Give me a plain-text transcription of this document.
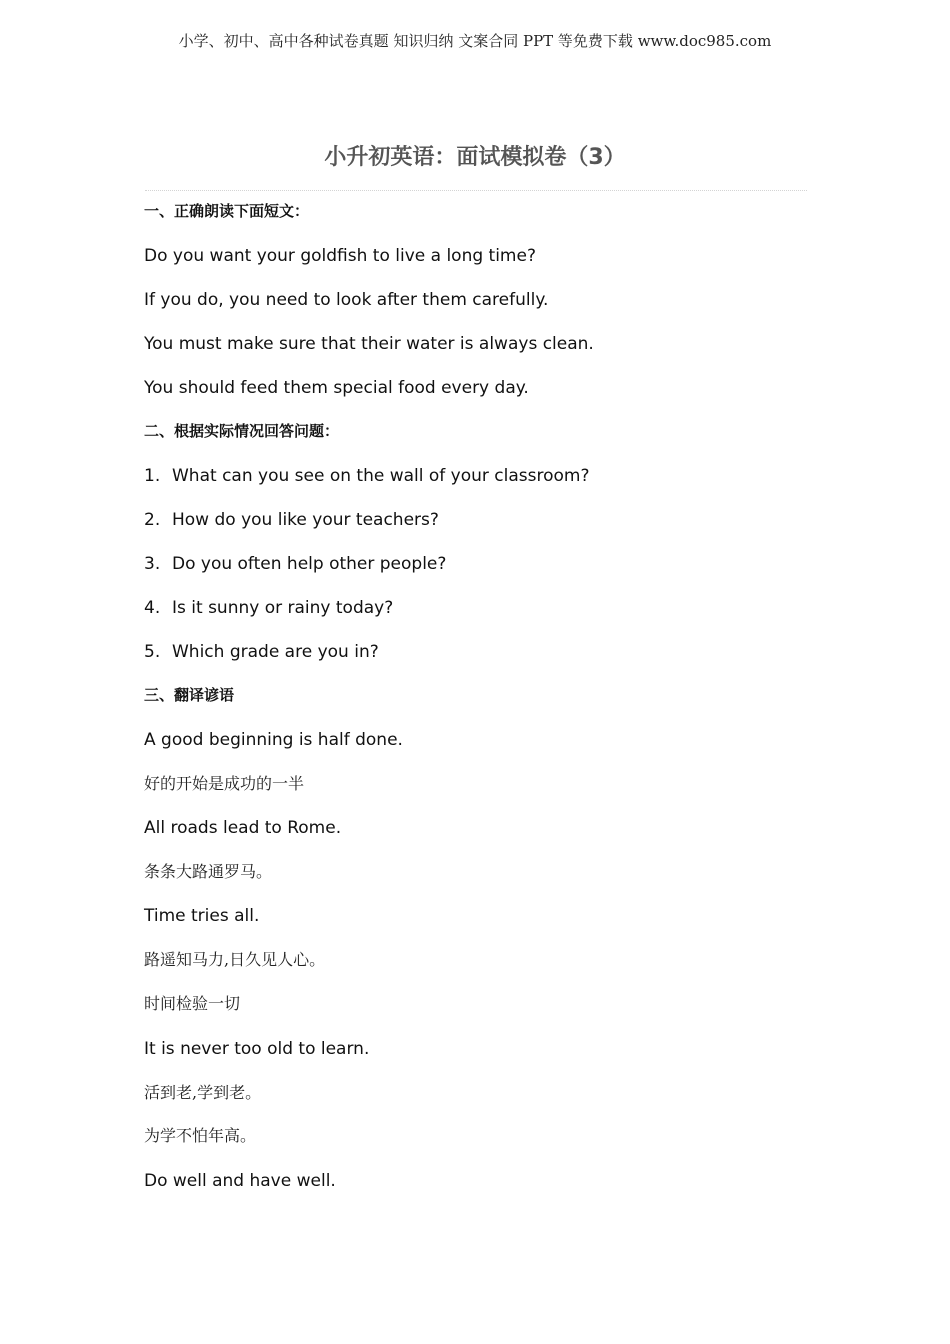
小学、初中、高中各种试卷真题 知识归纳 文案合同 PPT 等免费下载 www.doc985.com
小升初英语：面试模拟卷（3）
一、正确朗读下面短文：
Do you want your goldfish to live a long time?
If you do, you need to look after them carefully.
You must make sure that their water is always clean.
You should feed them special food every day.
二、根据实际情况回答问题：
1. What can you see on the wall of your classroom?
2. How do you like your teachers?
3. Do you often help other people?
4. Is it sunny or rainy today?
5. Which grade are you in?
三、翻译谚语
A good beginning is half done.
好的开始是成功的一半
All roads lead to Rome.
条条大路通罗马。
Time tries all.
路遥知马力,日久见人心。
时间检验一切
It is never too old to learn.
活到老,学到老。
为学不怕年高。
Do well and have well.
